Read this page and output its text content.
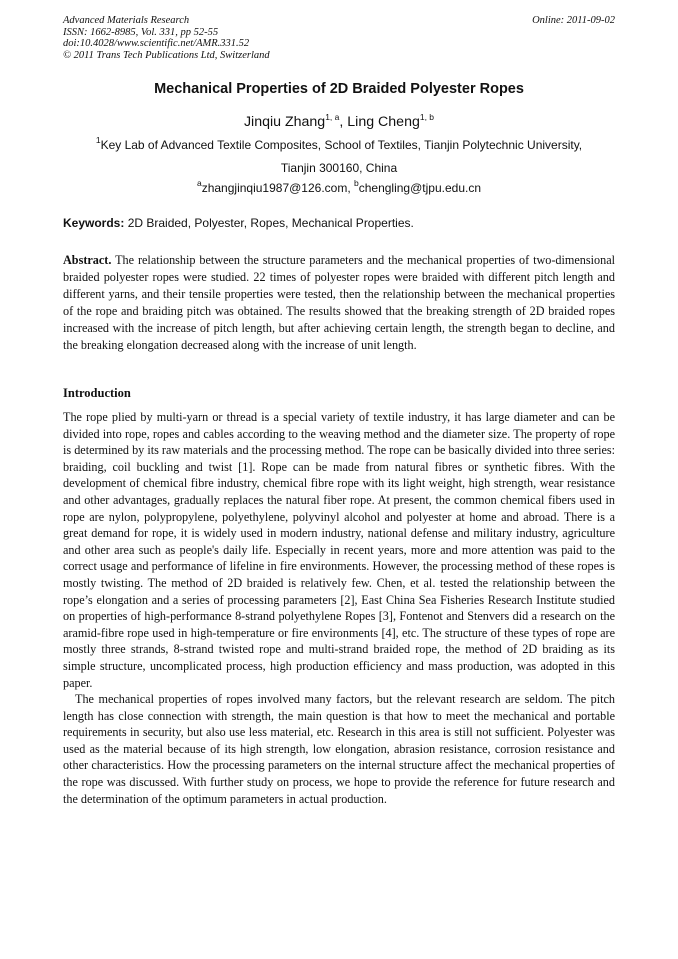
Advanced Materials Research
ISSN: 1662-8985, Vol. 331, pp 52-55
doi:10.4028/www.scientific.net/AMR.331.52
© 2011 Trans Tech Publications Ltd, Switzerland
Online: 2011-09-02
Mechanical Properties of 2D Braided Polyester Ropes
Jinqiu Zhang$^{1, a}$, Ling Cheng$^{1, b}$
$^1$Key Lab of Advanced Textile Composites, School of Textiles, Tianjin Polytechnic University,
Tianjin 300160, China
$^a$zhangjinqiu1987@126.com, $^b$chengling@tjpu.edu.cn
Keywords: 2D Braided, Polyester, Ropes, Mechanical Properties.
Abstract. The relationship between the structure parameters and the mechanical properties of two-dimensional braided polyester ropes were studied. 22 times of polyester ropes were braided with different pitch length and different yarns, and their tensile properties were tested, then the relationship between the mechanical properties of the rope and braiding pitch was obtained. The results showed that the breaking strength of 2D braided ropes increased with the increase of pitch length, but after achieving certain length, the strength began to decline, and the breaking elongation decreased along with the increase of unit length.
Introduction

The rope plied by multi-yarn or thread is a special variety of textile industry, it has large diameter and can be divided into rope, ropes and cables according to the weaving method and the diameter size. The property of rope is determined by its raw materials and the processing method. The rope can be basically divided into three series: braiding, coil buckling and twist [1]. Rope can be made from natural fibres or synthetic fibres. With the development of chemical fibre industry, chemical fibre rope with its light weight, high strength, wear resistance and other advantages, gradually replaces the natural fiber rope. At present, the common chemical fibers used in rope are nylon, polypropylene, polyethylene, polyvinyl alcohol and polyester at home and abroad. There is a great demand for rope, it is widely used in modern industry, national defense and military industry, agriculture and other area such as people's daily life. Especially in recent years, more and more attention was paid to the correct usage and performance of lifeline in fire environments. However, the processing method of these ropes is mostly twisting. The method of 2D braided is relatively few. Chen, et al. tested the relationship between the rope’s elongation and a series of processing parameters [2], East China Sea Fisheries Research Institute studied on properties of high-performance 8-strand polyethylene Ropes [3], Fontenot and Stenvers did a research on the aramid-fibre rope used in high-temperature or fire environments [4], etc. The structure of these types of rope are mostly three strands, 8-strand twisted rope and multi-strand braided rope, the method of 2D braiding as its simple structure, uncomplicated process, high production efficiency and mass production, was adopted in this paper.

The mechanical properties of ropes involved many factors, but the relevant research are seldom. The pitch length has close connection with strength, the main question is that how to meet the mechanical and portable requirements in security, but also use less material, etc. Research in this area is still not sufficient. Polyester was used as the material because of its high strength, low elongation, abrasion resistance, corrosion resistance and other characteristics. How the processing parameters on the internal structure affect the mechanical properties of the rope was discussed. With further study on process, we hope to provide the reference for future research and the determination of the optimum parameters in actual production.
